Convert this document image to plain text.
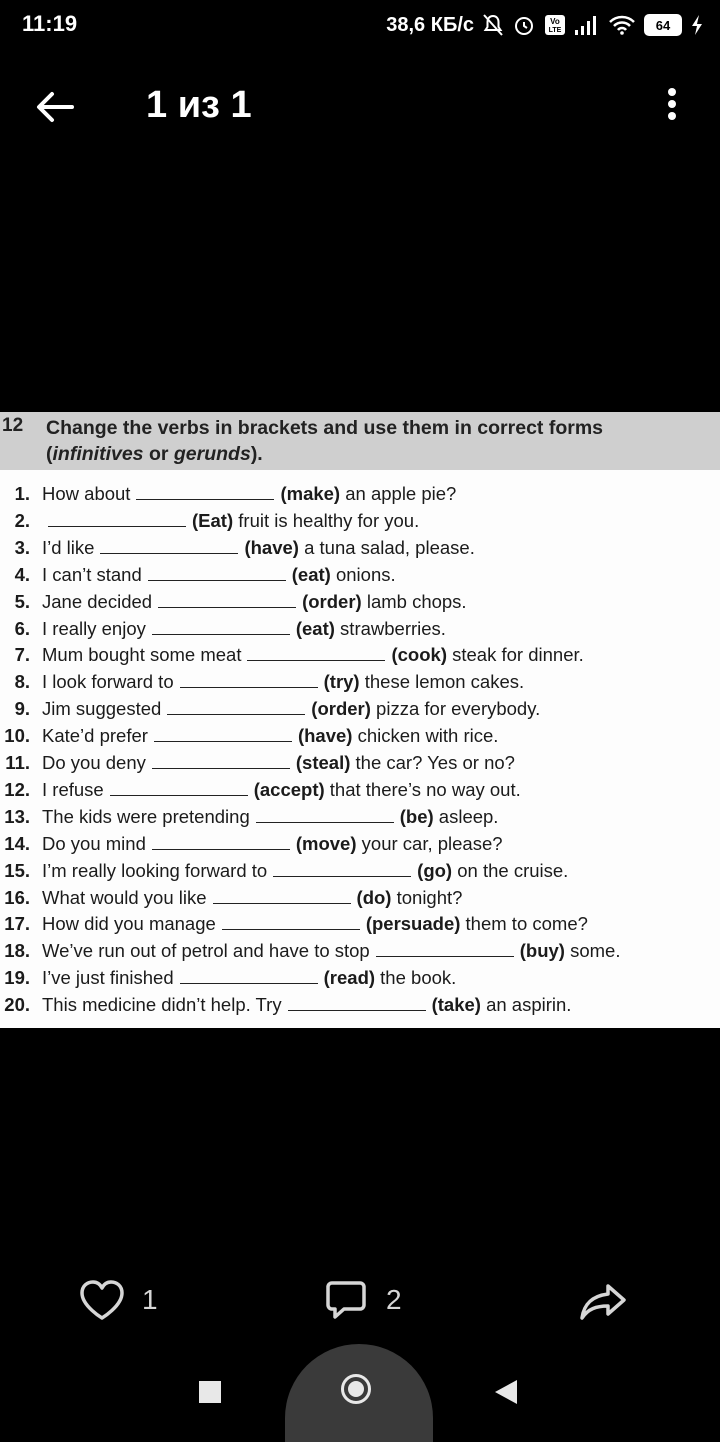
11:19	38,6 КБ/с	Vo
LTE	64
1 из 1
12 Change the verbs in brackets and use them in correct forms
(infinitives or gerunds).
1. How about	(make) an apple pie?
2.	(Eat) fruit is healthy for you.
3. I’d like	(have) a tuna salad, please.
4. I can’t stand	(eat) onions.
5. Jane decided	(order) lamb chops.
6. I really enjoy	(eat) strawberries.
7. Mum bought some meat	(cook) steak for dinner.
8. I look forward to	(try) these lemon cakes.
9. Jim suggested	(order) pizza for everybody.
10. Kate’d prefer	(have) chicken with rice.
11. Do you deny	(steal) the car? Yes or no?
12. I refuse	(accept) that there’s no way out.
13. The kids were pretending	(be) asleep.
14. Do you mind	(move) your car, please?
15. I’m really looking forward to	(go) on the cruise.
16. What would you like	(do) tonight?
17. How did you manage	(persuade) them to come?
18. We’ve run out of petrol and have to stop	(buy) some.
19. I’ve just finished	(read) the book.
20. This medicine didn’t help. Try	(take) an aspirin.
1	2
